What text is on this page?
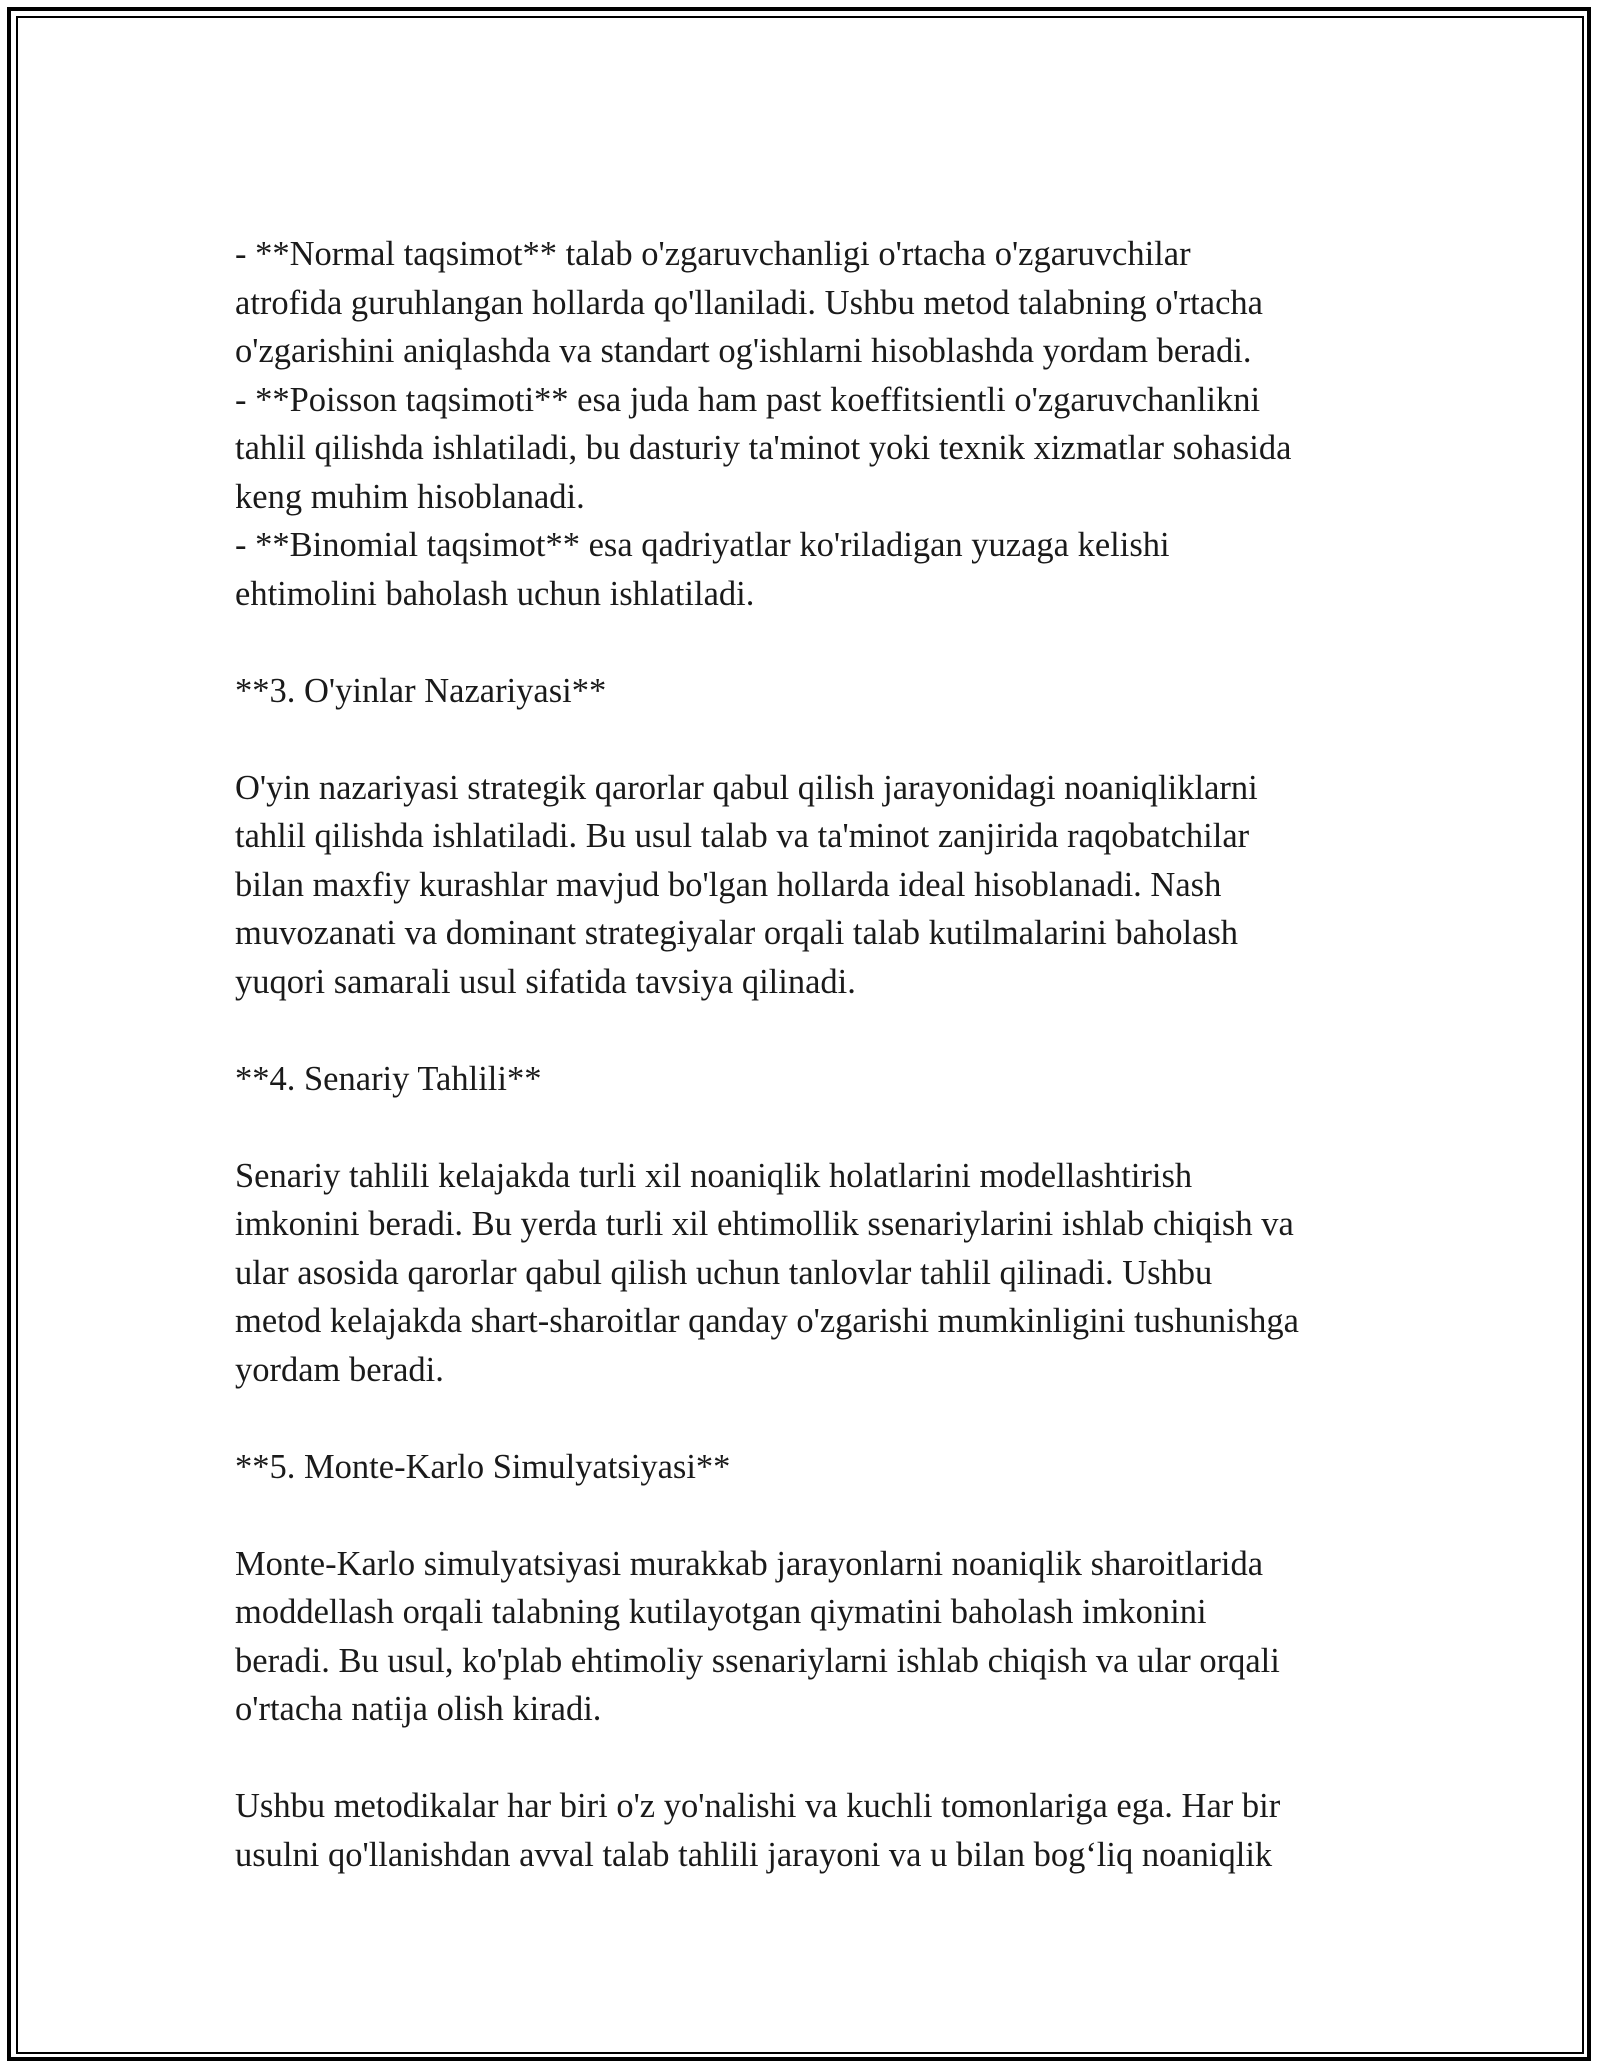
- **Normal taqsimot** talab o'zgaruvchanligi o'rtacha o'zgaruvchilar
atrofida guruhlangan hollarda qo'llaniladi. Ushbu metod talabning o'rtacha
o'zgarishini aniqlashda va standart og'ishlarni hisoblashda yordam beradi.
- **Poisson taqsimoti** esa juda ham past koeffitsientli o'zgaruvchanlikni
tahlil qilishda ishlatiladi, bu dasturiy ta'minot yoki texnik xizmatlar sohasida
keng muhim hisoblanadi.
- **Binomial taqsimot** esa qadriyatlar ko'riladigan yuzaga kelishi
ehtimolini baholash uchun ishlatiladi.
**3. O'yinlar Nazariyasi**
O'yin nazariyasi strategik qarorlar qabul qilish jarayonidagi noaniqliklarni
tahlil qilishda ishlatiladi. Bu usul talab va ta'minot zanjirida raqobatchilar
bilan maxfiy kurashlar mavjud bo'lgan hollarda ideal hisoblanadi. Nash
muvozanati va dominant strategiyalar orqali talab kutilmalarini baholash
yuqori samarali usul sifatida tavsiya qilinadi.
**4. Senariy Tahlili**
Senariy tahlili kelajakda turli xil noaniqlik holatlarini modellashtirish
imkonini beradi. Bu yerda turli xil ehtimollik ssenariylarini ishlab chiqish va
ular asosida qarorlar qabul qilish uchun tanlovlar tahlil qilinadi. Ushbu
metod kelajakda shart-sharoitlar qanday o'zgarishi mumkinligini tushunishga
yordam beradi.
**5. Monte-Karlo Simulyatsiyasi**
Monte-Karlo simulyatsiyasi murakkab jarayonlarni noaniqlik sharoitlarida
moddellash orqali talabning kutilayotgan qiymatini baholash imkonini
beradi. Bu usul, ko'plab ehtimoliy ssenariylarni ishlab chiqish va ular orqali
o'rtacha natija olish kiradi.
Ushbu metodikalar har biri o'z yo'nalishi va kuchli tomonlariga ega. Har bir
usulni qo'llanishdan avval talab tahlili jarayoni va u bilan bog‘liq noaniqlik
